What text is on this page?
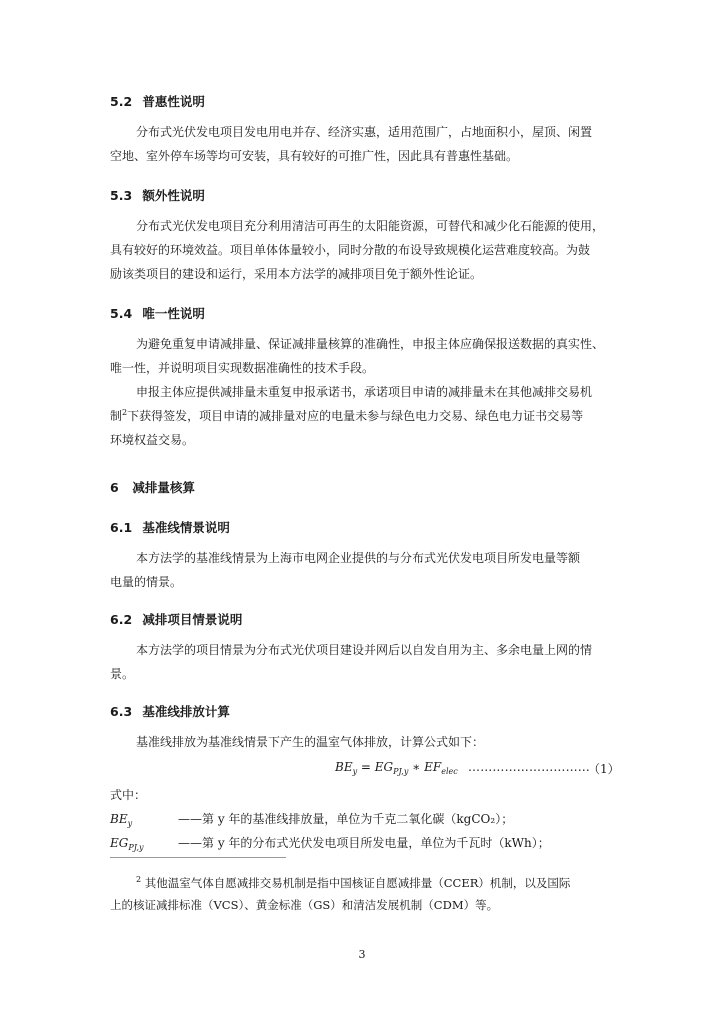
5.2 普惠性说明
分布式光伏发电项目发电用电并存、经济实惠，适用范围广，占地面积小，屋顶、闲置
空地、室外停车场等均可安装，具有较好的可推广性，因此具有普惠性基础。
5.3 额外性说明
分布式光伏发电项目充分利用清洁可再生的太阳能资源，可替代和减少化石能源的使用，
具有较好的环境效益。项目单体体量较小，同时分散的布设导致规模化运营难度较高。为鼓
励该类项目的建设和运行，采用本方法学的减排项目免于额外性论证。
5.4 唯一性说明
为避免重复申请减排量、保证减排量核算的准确性，申报主体应确保报送数据的真实性、
唯一性，并说明项目实现数据准确性的技术手段。
申报主体应提供减排量未重复申报承诺书，承诺项目申请的减排量未在其他减排交易机
制$^2$下获得签发，项目申请的减排量对应的电量未参与绿色电力交易、绿色电力证书交易等
环境权益交易。
6 减排量核算
6.1 基准线情景说明
本方法学的基准线情景为上海市电网企业提供的与分布式光伏发电项目所发电量等额
电量的情景。
6.2 减排项目情景说明
本方法学的项目情景为分布式光伏项目建设并网后以自发自用为主、多余电量上网的情
景。
6.3 基准线排放计算
基准线排放为基准线情景下产生的温室气体排放，计算公式如下：
$BE_y = EG_{PJ,y}$ ∗ $EF_{elec}$ …………………………
（1）
式中：
$BE_y$	——第 y 年的基准线排放量，单位为千克二氧化碳（kgCO₂）；
$EG_{PJ,y}$	——第 y 年的分布式光伏发电项目所发电量，单位为千瓦时（kWh）；
$^2$ 其他温室气体自愿减排交易机制是指中国核证自愿减排量（CCER）机制，以及国际
上的核证减排标准（VCS）、黄金标准（GS）和清洁发展机制（CDM）等。
3
